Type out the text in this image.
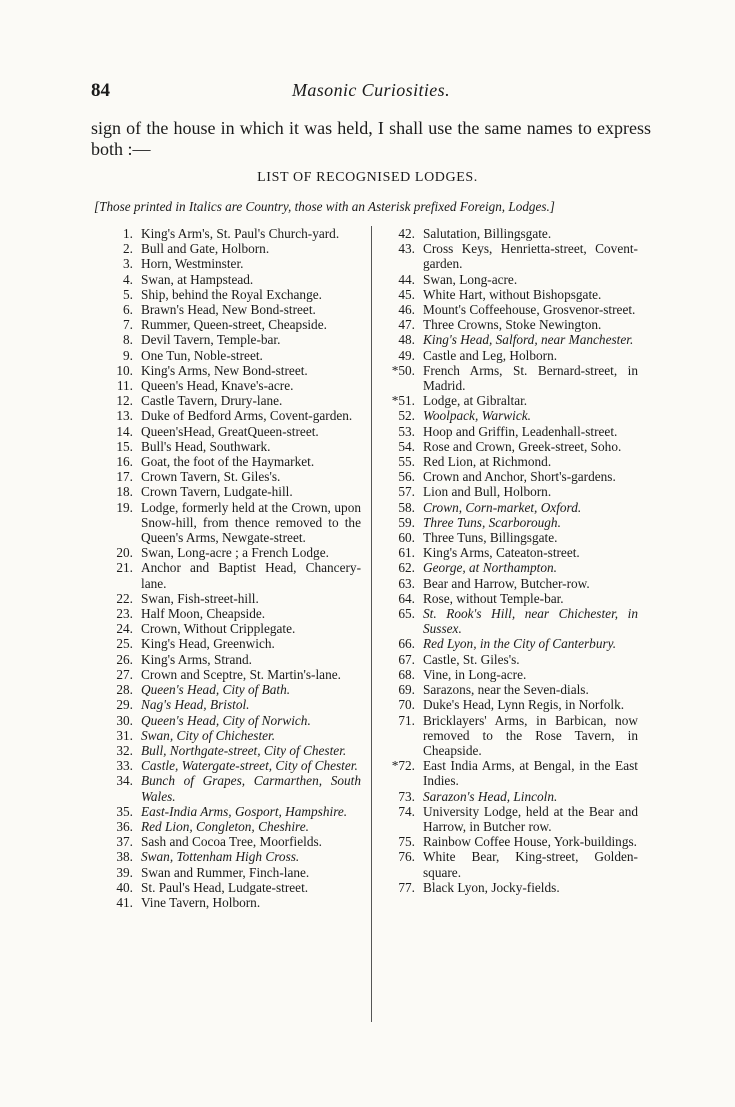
84	Masonic Curiosities.
sign of the house in which it was held, I shall use the same names to express both :—
LIST OF RECOGNISED LODGES.
[Those printed in Italics are Country, those with an Asterisk prefixed Foreign, Lodges.]
1. King's Arm's, St. Paul's Church-yard.
2. Bull and Gate, Holborn.
3. Horn, Westminster.
4. Swan, at Hampstead.
5. Ship, behind the Royal Exchange.
6. Brawn's Head, New Bond-street.
7. Rummer, Queen-street, Cheapside.
8. Devil Tavern, Temple-bar.
9. One Tun, Noble-street.
10. King's Arms, New Bond-street.
11. Queen's Head, Knave's-acre.
12. Castle Tavern, Drury-lane.
13. Duke of Bedford Arms, Covent-garden.
14. Queen'sHead, GreatQueen-street.
15. Bull's Head, Southwark.
16. Goat, the foot of the Haymarket.
17. Crown Tavern, St. Giles's.
18. Crown Tavern, Ludgate-hill.
19. Lodge, formerly held at the Crown, upon Snow-hill, from thence removed to the Queen's Arms, Newgate-street.
20. Swan, Long-acre ; a French Lodge.
21. Anchor and Baptist Head, Chancery-lane.
22. Swan, Fish-street-hill.
23. Half Moon, Cheapside.
24. Crown, Without Cripplegate.
25. King's Head, Greenwich.
26. King's Arms, Strand.
27. Crown and Sceptre, St. Martin's-lane.
28. Queen's Head, City of Bath.
29. Nag's Head, Bristol.
30. Queen's Head, City of Norwich.
31. Swan, City of Chichester.
32. Bull, Northgate-street, City of Chester.
33. Castle, Watergate-street, City of Chester.
34. Bunch of Grapes, Carmarthen, South Wales.
35. East-India Arms, Gosport, Hampshire.
36. Red Lion, Congleton, Cheshire.
37. Sash and Cocoa Tree, Moorfields.
38. Swan, Tottenham High Cross.
39. Swan and Rummer, Finch-lane.
40. St. Paul's Head, Ludgate-street.
41. Vine Tavern, Holborn.
42. Salutation, Billingsgate.
43. Cross Keys, Henrietta-street, Covent-garden.
44. Swan, Long-acre.
45. White Hart, without Bishopsgate.
46. Mount's Coffeehouse, Grosvenor-street.
47. Three Crowns, Stoke Newington.
48. King's Head, Salford, near Manchester.
49. Castle and Leg, Holborn.
*50. French Arms, St. Bernard-street, in Madrid.
*51. Lodge, at Gibraltar.
52. Woolpack, Warwick.
53. Hoop and Griffin, Leadenhall-street.
54. Rose and Crown, Greek-street, Soho.
55. Red Lion, at Richmond.
56. Crown and Anchor, Short's-gardens.
57. Lion and Bull, Holborn.
58. Crown, Corn-market, Oxford.
59. Three Tuns, Scarborough.
60. Three Tuns, Billingsgate.
61. King's Arms, Cateaton-street.
62. George, at Northampton.
63. Bear and Harrow, Butcher-row.
64. Rose, without Temple-bar.
65. St. Rook's Hill, near Chichester, in Sussex.
66. Red Lyon, in the City of Canterbury.
67. Castle, St. Giles's.
68. Vine, in Long-acre.
69. Sarazons, near the Seven-dials.
70. Duke's Head, Lynn Regis, in Norfolk.
71. Bricklayers' Arms, in Barbican, now removed to the Rose Tavern, in Cheapside.
*72. East India Arms, at Bengal, in the East Indies.
73. Sarazon's Head, Lincoln.
74. University Lodge, held at the Bear and Harrow, in Butcher row.
75. Rainbow Coffee House, York-buildings.
76. White Bear, King-street, Golden-square.
77. Black Lyon, Jocky-fields.
